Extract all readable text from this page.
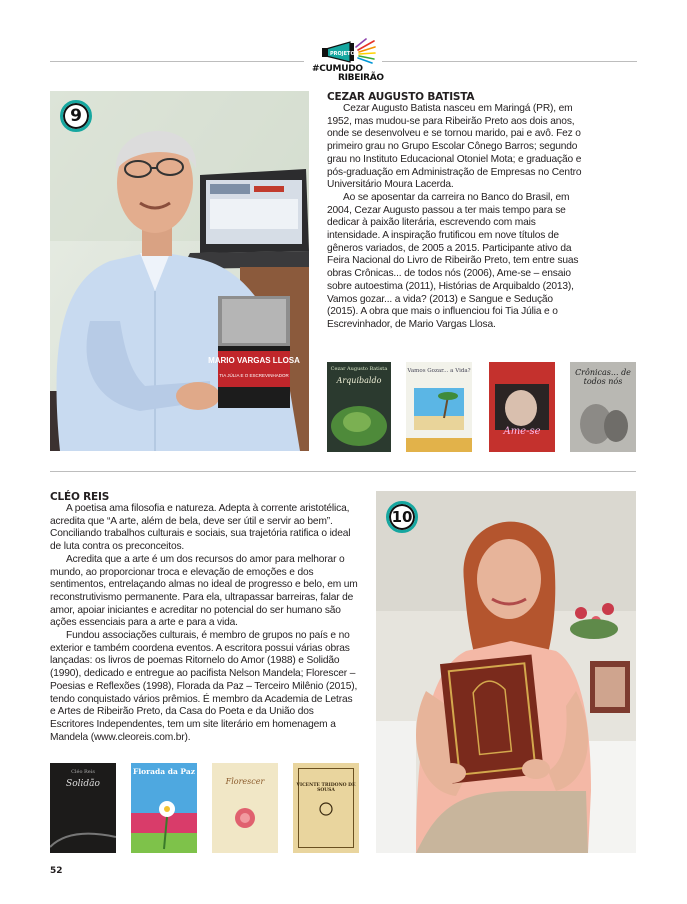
PROJETO
#CUMUDO
RIBEIRÃO
MARIO VARGAS LLOSA
TIA JÚLIA E O ESCREVINHADOR
9
CEZAR AUGUSTO BATISTA

Cezar Augusto Batista nasceu em Maringá (PR), em 1952, mas mudou-se para Ribeirão Preto aos dois anos, onde se desenvolveu e se tornou marido, pai e avô. Fez o primeiro grau no Grupo Escolar Cônego Barros; segundo grau no Instituto Educacional Otoniel Mota; e graduação e pós-graduação em Administração de Empresas no Centro Universitário Moura Lacerda.

Ao se aposentar da carreira no Banco do Brasil, em 2004, Cezar Augusto passou a ter mais tempo para se dedicar à paixão literária, escrevendo com mais intensidade. A inspiração frutificou em nove títulos de gêneros variados, de 2005 a 2015. Participante ativo da Feira Nacional do Livro de Ribeirão Preto, tem entre suas obras Crônicas... de todos nós (2006), Ame-se – ensaio sobre autoestima (2011), Histórias de Arquibaldo (2013), Vamos gozar... a vida? (2013) e Sangue e Sedução (2015). A obra que mais o influenciou foi Tia Júlia e o Escrevinhador, de Mario Vargas Llosa.

Cezar Augusto Batista
Arquibaldo
Vamos Gozar... a Vida?
Ame-se
Crônicas... de todos nós
CLÉO REIS

A poetisa ama filosofia e natureza. Adepta à corrente aristotélica, acredita que “A arte, além de bela, deve ser útil e servir ao bem”. Conciliando trabalhos culturais e sociais, sua trajetória ratifica o ideal de luta contra os preconceitos.

Acredita que a arte é um dos recursos do amor para melhorar o mundo, ao proporcionar troca e elevação de emoções e dos sentimentos, entrelaçando almas no ideal de progresso e belo, em um reconstrutivismo permanente. Para ela, ultrapassar barreiras, falar de amor, apoiar iniciantes e acreditar no potencial do ser humano são ações essenciais para a arte e para a vida.

Fundou associações culturais, é membro de grupos no país e no exterior e também coordena eventos. A escritora possui várias obras lançadas: os livros de poemas Ritornelo do Amor (1988) e Solidão (1990), dedicado e entregue ao pacifista Nelson Mandela; Florescer – Poesias e Reflexões (1998), Florada da Paz – Terceiro Milênio (2015), tendo conquistado vários prêmios. É membro da Academia de Letras e Artes de Ribeirão Preto, da Casa do Poeta e da União dos Escritores Independentes, tem um site literário em homenagem a Mandela (www.cleoreis.com.br).

10
Cléo Reis
Solidão
Florada da Paz
Florescer	VICENTE TRIDONO DE SOUSA
52
